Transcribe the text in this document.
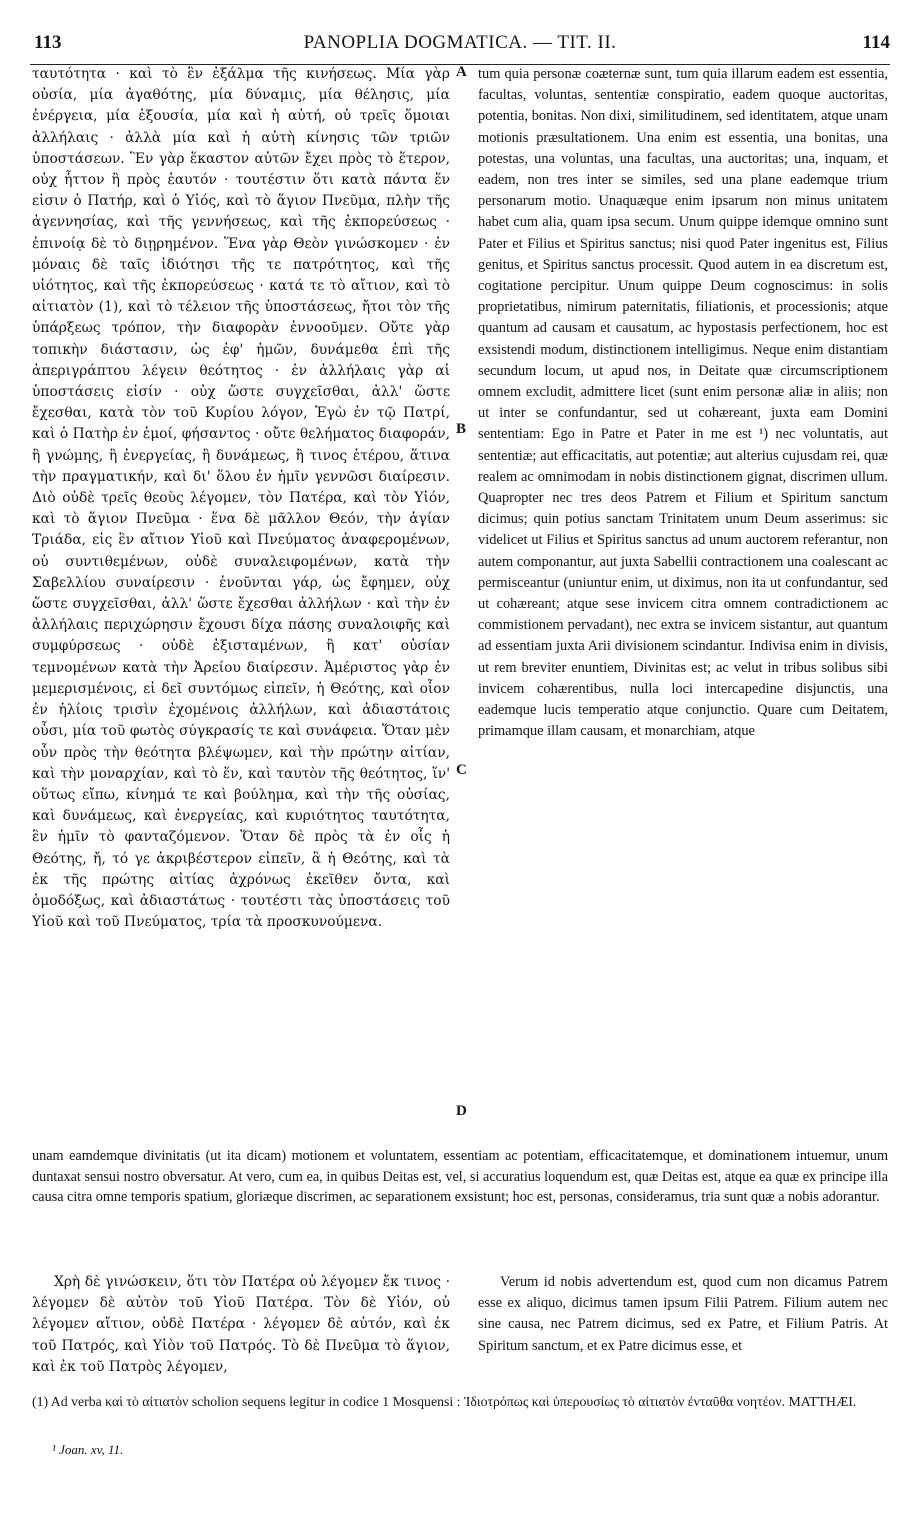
113	PANOPLIA DOGMATICA. — TIT. II.	114
A
B
C
D

ταυτότητα · καὶ τὸ ἓν ἐξάλμα τῆς κινήσεως. Μία γὰρ οὐσία, μία ἀγαθότης, μία δύναμις, μία θέλησις, μία ἐνέργεια, μία ἐξουσία, μία καὶ ἡ αὐτή, οὐ τρεῖς ὅμοιαι ἀλλήλαις · ἀλλὰ μία καὶ ἡ αὐτὴ κίνησις τῶν τριῶν ὑποστάσεων. Ἓν γὰρ ἕκαστον αὐτῶν ἔχει πρὸς τὸ ἕτερον, οὐχ ἧττον ἢ πρὸς ἑαυτόν · τουτέστιν ὅτι κατὰ πάντα ἕν εἰσιν ὁ Πατήρ, καὶ ὁ Υἱός, καὶ τὸ ἅγιον Πνεῦμα, πλὴν τῆς ἀγεννησίας, καὶ τῆς γεννήσεως, καὶ τῆς ἐκπορεύσεως · ἐπινοίᾳ δὲ τὸ διῃρημένον. Ἕνα γὰρ Θεὸν γινώσκομεν · ἐν μόναις δὲ ταῖς ἰδιότησι τῆς τε πατρότητος, καὶ τῆς υἱότητος, καὶ τῆς ἐκπορεύσεως · κατά τε τὸ αἴτιον, καὶ τὸ αἰτιατὸν (1), καὶ τὸ τέλειον τῆς ὑποστάσεως, ἤτοι τὸν τῆς ὑπάρξεως τρόπον, τὴν διαφορὰν ἐννοοῦμεν. Οὔτε γὰρ τοπικὴν διάστασιν, ὡς ἐφ' ἡμῶν, δυνάμεθα ἐπὶ τῆς ἀπεριγράπτου λέγειν θεότητος · ἐν ἀλλήλαις γὰρ αἱ ὑποστάσεις εἰσίν · οὐχ ὥστε συγχεῖσθαι, ἀλλ' ὥστε ἔχεσθαι, κατὰ τὸν τοῦ Κυρίου λόγον, Ἐγὼ ἐν τῷ Πατρί, καὶ ὁ Πατὴρ ἐν ἐμοί, φήσαντος · οὔτε θελήματος διαφοράν, ἢ γνώμης, ἢ ἐνεργείας, ἢ δυνάμεως, ἢ τινος ἑτέρου, ἅτινα τὴν πραγματικήν, καὶ δι' ὅλου ἐν ἡμῖν γεννῶσι διαίρεσιν. Διὸ οὐδὲ τρεῖς θεοὺς λέγομεν, τὸν Πατέρα, καὶ τὸν Υἱόν, καὶ τὸ ἅγιον Πνεῦμα · ἕνα δὲ μᾶλλον Θεόν, τὴν ἁγίαν Τριάδα, εἰς ἓν αἴτιον Υἱοῦ καὶ Πνεύματος ἀναφερομένων, οὐ συντιθεμένων, οὐδὲ συναλειφομένων, κατὰ τὴν Σαβελλίου συναίρεσιν · ἑνοῦνται γάρ, ὡς ἔφημεν, οὐχ ὥστε συγχεῖσθαι, ἀλλ' ὥστε ἔχεσθαι ἀλλήλων · καὶ τὴν ἐν ἀλλήλαις περιχώρησιν ἔχουσι δίχα πάσης συναλοιφῆς καὶ συμφύρσεως · οὐδὲ ἐξισταμένων, ἢ κατ' οὐσίαν τεμνομένων κατὰ τὴν Ἀρείου διαίρεσιν. Ἀμέριστος γὰρ ἐν μεμερισμένοις, εἰ δεῖ συντόμως εἰπεῖν, ἡ Θεότης, καὶ οἷον ἐν ἡλίοις τρισὶν ἐχομένοις ἀλλήλων, καὶ ἀδιαστάτοις οὖσι, μία τοῦ φωτὸς σύγκρασίς τε καὶ συνάφεια. Ὅταν μὲν οὖν πρὸς τὴν θεότητα βλέψωμεν, καὶ τὴν πρώτην αἰτίαν, καὶ τὴν μοναρχίαν, καὶ τὸ ἕν, καὶ ταυτὸν τῆς θεότητος, ἵν' οὕτως εἴπω, κίνημά τε καὶ βούλημα, καὶ τὴν τῆς οὐσίας, καὶ δυνάμεως, καὶ ἐνεργείας, καὶ κυριότητος ταυτότητα, ἓν ἡμῖν τὸ φανταζόμενον. Ὅταν δὲ πρὸς τὰ ἐν οἷς ἡ Θεότης, ἤ, τό γε ἀκριβέστερον εἰπεῖν, ἃ ἡ Θεότης, καὶ τὰ ἐκ τῆς πρώτης αἰτίας ἀχρόνως ἐκεῖθεν ὄντα, καὶ ὁμοδόξως, καὶ ἀδιαστάτως · τουτέστι τὰς ὑποστάσεις τοῦ Υἱοῦ καὶ τοῦ Πνεύματος, τρία τὰ προσκυνούμενα.

tum quia personæ coæternæ sunt, tum quia illarum eadem est essentia, facultas, voluntas, sententiæ conspiratio, eadem quoque auctoritas, potentia, bonitas. Non dixi, similitudinem, sed identitatem, atque unam motionis præsultationem. Una enim est essentia, una bonitas, una potestas, una voluntas, una facultas, una auctoritas; una, inquam, et eadem, non tres inter se similes, sed una plane eademque trium personarum motio. Unaquæque enim ipsarum non minus unitatem habet cum alia, quam ipsa secum. Unum quippe idemque omnino sunt Pater et Filius et Spiritus sanctus; nisi quod Pater ingenitus est, Filius genitus, et Spiritus sanctus processit. Quod autem in ea discretum est, cogitatione percipitur. Unum quippe Deum cognoscimus: in solis proprietatibus, nimirum paternitatis, filiationis, et processionis; atque quantum ad causam et causatum, ac hypostasis perfectionem, hoc est exsistendi modum, distinctionem intelligimus. Neque enim distantiam secundum locum, ut apud nos, in Deitate quæ circumscriptionem omnem excludit, admittere licet (sunt enim personæ aliæ in aliis; non ut inter se confundantur, sed ut cohæreant, juxta eam Domini sententiam: Ego in Patre et Pater in me est ¹) nec voluntatis, aut sententiæ; aut efficacitatis, aut potentiæ; aut alterius cujusdam rei, quæ realem ac omnimodam in nobis distinctionem gignat, discrimen ullum. Quapropter nec tres deos Patrem et Filium et Spiritum sanctum dicimus; quin potius sanctam Trinitatem unum Deum asserimus: sic videlicet ut Filius et Spiritus sanctus ad unum auctorem referantur, non autem componantur, aut juxta Sabellii contractionem una coalescant ac permisceantur (uniuntur enim, ut diximus, non ita ut confundantur, sed ut cohæreant; atque sese invicem citra omnem contradictionem ac commistionem pervadant), nec extra se invicem sistantur, aut quantum ad essentiam juxta Arii divisionem scindantur. Indivisa enim in divisis, ut rem breviter enuntiem, Divinitas est; ac velut in tribus solibus sibi invicem cohærentibus, nulla loci intercapedine disjunctis, una eademque lucis temperatio atque conjunctio. Quare cum Deitatem, primamque illam causam, et monarchiam, atque

unam eamdemque divinitatis (ut ita dicam) motionem et voluntatem, essentiam ac potentiam, efficacitatemque, et dominationem intuemur, unum duntaxat sensui nostro obversatur. At vero, cum ea, in quibus Deitas est, vel, si accuratius loquendum est, quæ Deitas est, atque ea quæ ex principe illa causa citra omne temporis spatium, gloriæque discrimen, ac separationem exsistunt; hoc est, personas, consideramus, tria sunt quæ a nobis adorantur.

Χρὴ δὲ γινώσκειν, ὅτι τὸν Πατέρα οὐ λέγομεν ἔκ τινος · λέγομεν δὲ αὐτὸν τοῦ Υἱοῦ Πατέρα. Τὸν δὲ Υἱόν, οὐ λέγομεν αἴτιον, οὐδὲ Πατέρα · λέγομεν δὲ αὐτόν, καὶ ἐκ τοῦ Πατρός, καὶ Υἱὸν τοῦ Πατρός. Τὸ δὲ Πνεῦμα τὸ ἅγιον, καὶ ἐκ τοῦ Πατρὸς λέγομεν,

Verum id nobis advertendum est, quod cum non dicamus Patrem esse ex aliquo, dicimus tamen ipsum Filii Patrem. Filium autem nec sine causa, nec Patrem dicimus, sed ex Patre, et Filium Patris. At Spiritum sanctum, et ex Patre dicimus esse, et

(1) Ad verba καὶ τὸ αἰτιατὸν scholion sequens legitur in codice 1 Mosquensi : Ἰδιοτρόπως καὶ ὑπερουσίως τὸ αἰτιατὸν ἐνταῦθα νοητέον. MATTHÆI.
¹ Joan. xv, 11.
